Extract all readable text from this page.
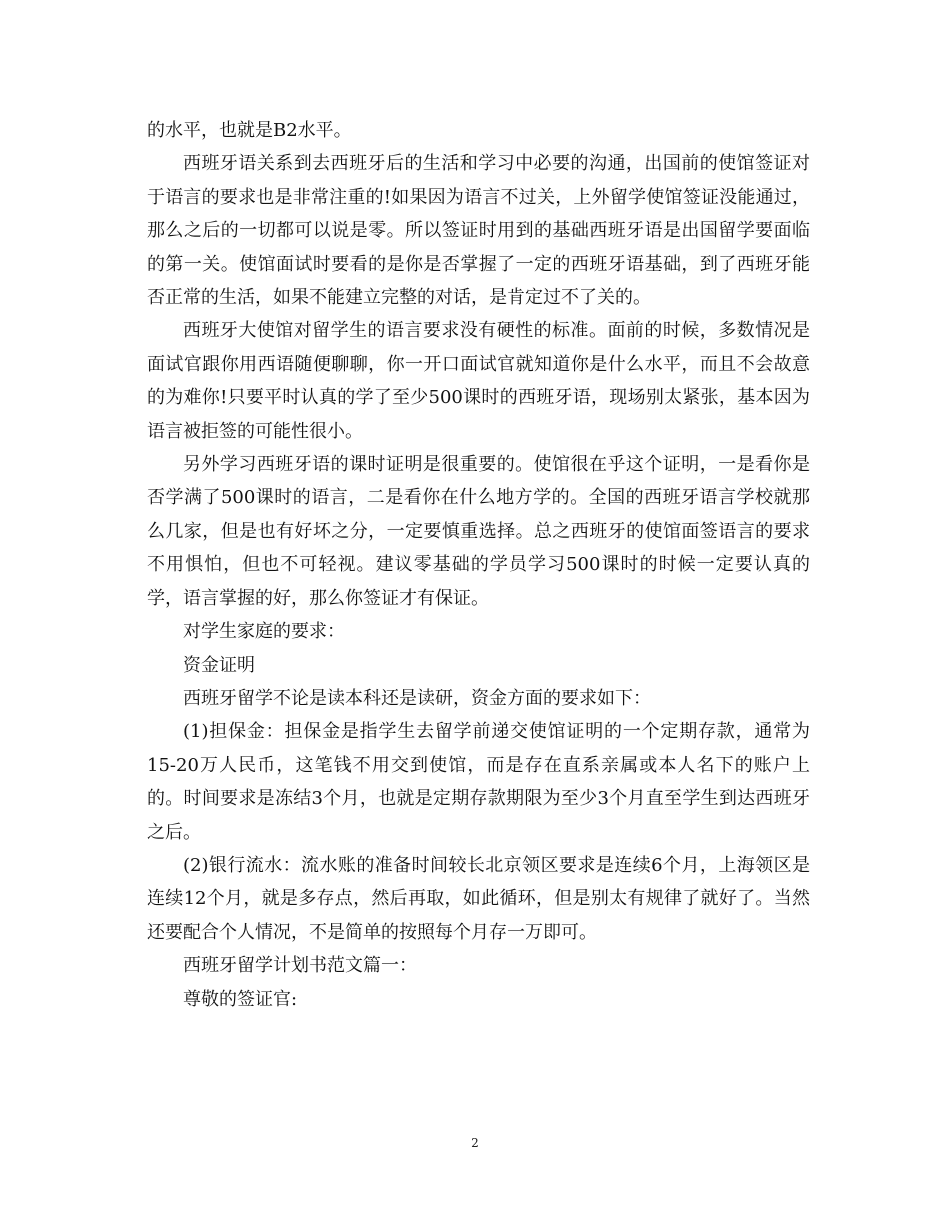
的水平，也就是B2水平。

西班牙语关系到去西班牙后的生活和学习中必要的沟通，出国前的使馆签证对于语言的要求也是非常注重的!如果因为语言不过关，上外留学使馆签证没能通过，那么之后的一切都可以说是零。所以签证时用到的基础西班牙语是出国留学要面临的第一关。使馆面试时要看的是你是否掌握了一定的西班牙语基础，到了西班牙能否正常的生活，如果不能建立完整的对话，是肯定过不了关的。

西班牙大使馆对留学生的语言要求没有硬性的标准。面前的时候，多数情况是面试官跟你用西语随便聊聊，你一开口面试官就知道你是什么水平，而且不会故意的为难你!只要平时认真的学了至少500课时的西班牙语，现场别太紧张，基本因为语言被拒签的可能性很小。

另外学习西班牙语的课时证明是很重要的。使馆很在乎这个证明，一是看你是否学满了500课时的语言，二是看你在什么地方学的。全国的西班牙语言学校就那么几家，但是也有好坏之分，一定要慎重选择。总之西班牙的使馆面签语言的要求不用惧怕，但也不可轻视。建议零基础的学员学习500课时的时候一定要认真的学，语言掌握的好，那么你签证才有保证。

对学生家庭的要求：

资金证明

西班牙留学不论是读本科还是读研，资金方面的要求如下：

(1)担保金：担保金是指学生去留学前递交使馆证明的一个定期存款，通常为15-20万人民币，这笔钱不用交到使馆，而是存在直系亲属或本人名下的账户上的。时间要求是冻结3个月，也就是定期存款期限为至少3个月直至学生到达西班牙之后。

(2)银行流水：流水账的准备时间较长北京领区要求是连续6个月，上海领区是连续12个月，就是多存点，然后再取，如此循环，但是别太有规律了就好了。当然还要配合个人情况，不是简单的按照每个月存一万即可。

西班牙留学计划书范文篇一：

尊敬的签证官:

2
